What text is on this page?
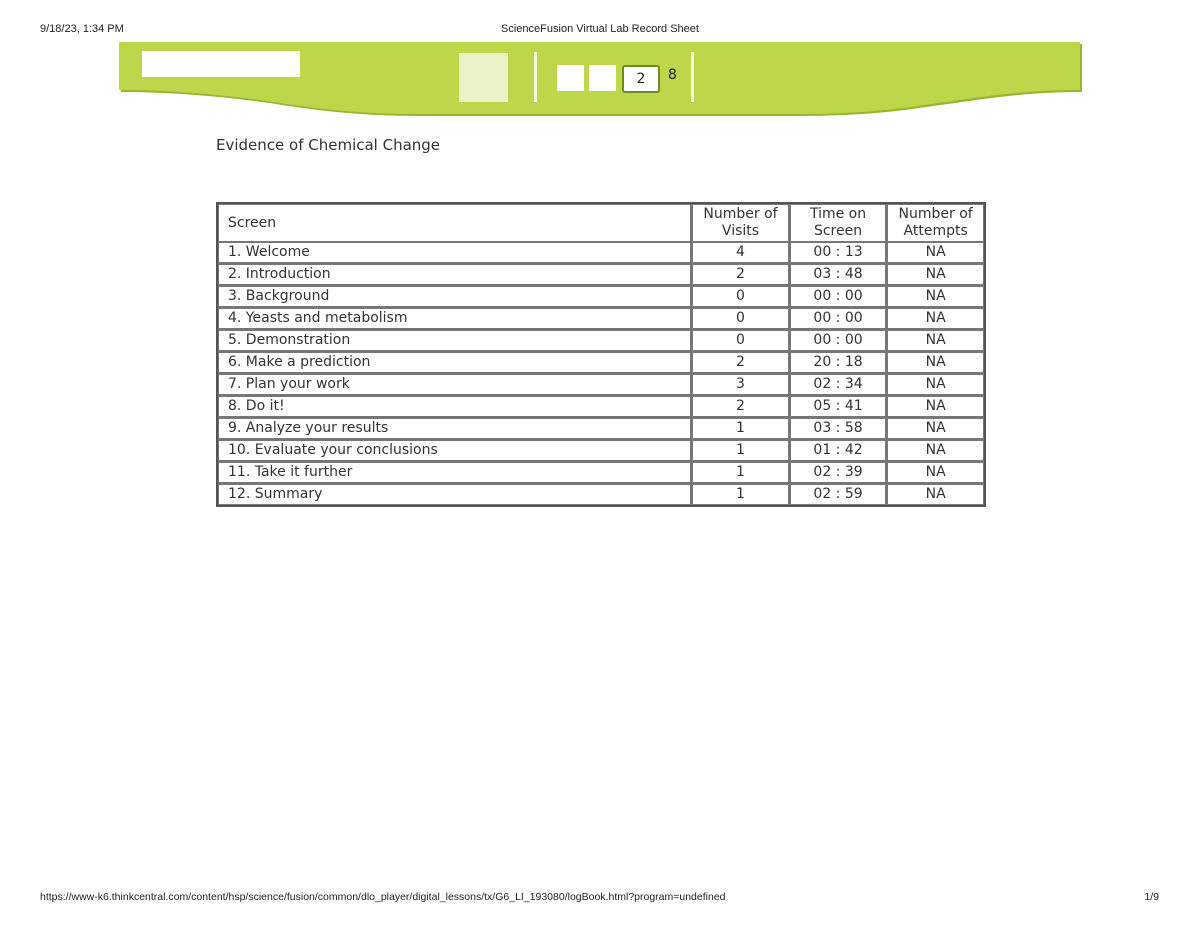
9/18/23, 1:34 PM	ScienceFusion Virtual Lab Record Sheet
2	8
Evidence of Chemical Change
Screen	Number of Visits	Time on Screen	Number of Attempts
1. Welcome	4	00 : 13	NA
2. Introduction	2	03 : 48	NA
3. Background	0	00 : 00	NA
4. Yeasts and metabolism	0	00 : 00	NA
5. Demonstration	0	00 : 00	NA
6. Make a prediction	2	20 : 18	NA
7. Plan your work	3	02 : 34	NA
8. Do it!	2	05 : 41	NA
9. Analyze your results	1	03 : 58	NA
10. Evaluate your conclusions	1	01 : 42	NA
11. Take it further	1	02 : 39	NA
12. Summary	1	02 : 59	NA
https://www-k6.thinkcentral.com/content/hsp/science/fusion/common/dlo_player/digital_lessons/tx/G6_LI_193080/logBook.html?program=undefined	1/9
